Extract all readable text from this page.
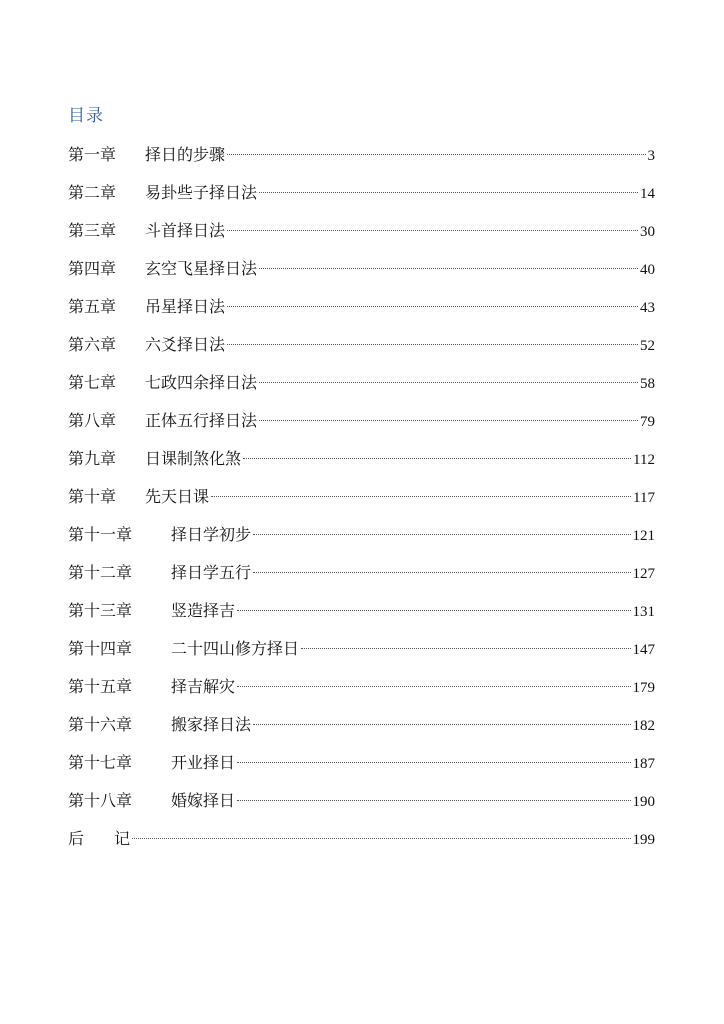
目录
第一章	择日的步骤	3
第二章	易卦些子择日法	14
第三章	斗首择日法	30
第四章	玄空飞星择日法	40
第五章	吊星择日法	43
第六章	六爻择日法	52
第七章	七政四余择日法	58
第八章	正体五行择日法	79
第九章	日课制煞化煞	112
第十章	先天日课	117
第十一章	择日学初步	121
第十二章	择日学五行	127
第十三章	竖造择吉	131
第十四章	二十四山修方择日	147
第十五章	择吉解灾	179
第十六章	搬家择日法	182
第十七章	开业择日	187
第十八章	婚嫁择日	190
后 记	199
